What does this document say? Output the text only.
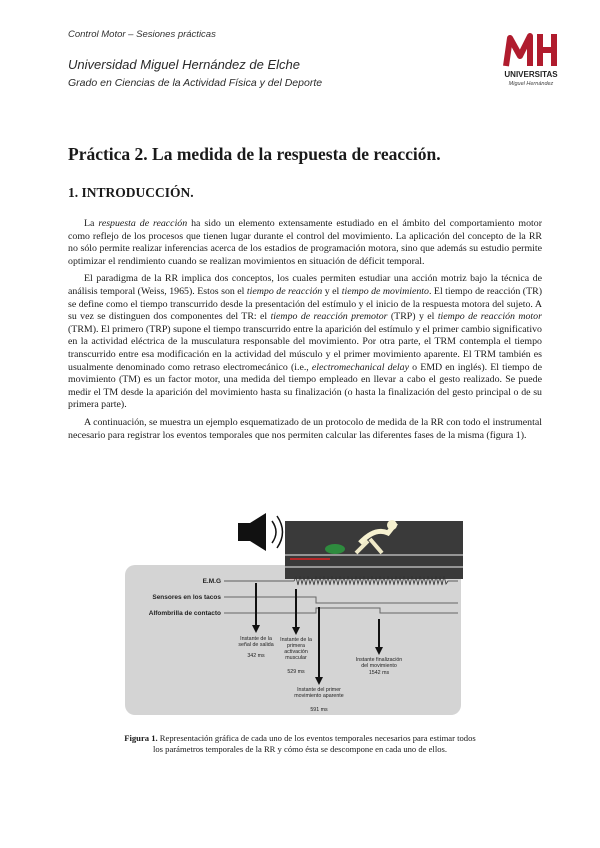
Control Motor – Sesiones prácticas
Universidad Miguel Hernández de Elche
Grado en Ciencias de la Actividad Física y del Deporte
UNIVERSITAS
Miguel Hernández
Práctica 2. La medida de la respuesta de reacción.
1. INTRODUCCIÓN.

La respuesta de reacción ha sido un elemento extensamente estudiado en el ámbito del comportamiento motor como reflejo de los procesos que tienen lugar durante el control del movimiento. La aplicación del concepto de la RR no sólo permite realizar inferencias acerca de los estadios de programación motora, sino que además su estudio permite optimizar el rendimiento cuando se realizan movimientos en situación de déficit temporal.

El paradigma de la RR implica dos conceptos, los cuales permiten estudiar una acción motriz bajo la técnica de análisis temporal (Weiss, 1965). Estos son el tiempo de reacción y el tiempo de movimiento. El tiempo de reacción (TR) se define como el tiempo transcurrido desde la presentación del estímulo y el inicio de la respuesta motora del sujeto. A su vez se distinguen dos componentes del TR: el tiempo de reacción premotor (TRP) y el tiempo de reacción motor (TRM). El primero (TRP) supone el tiempo transcurrido entre la aparición del estímulo y el primer cambio significativo en la actividad eléctrica de la musculatura responsable del movimiento. Por otra parte, el TRM contempla el tiempo transcurrido entre esa modificación en la actividad del músculo y el primer movimiento aparente. El TRM también es usualmente denominado como retraso electromecánico (i.e., electromechanical delay o EMD en inglés). El tiempo de movimiento (TM) es un factor motor, una medida del tiempo empleado en llevar a cabo el gesto realizado. Se puede medir el TM desde la aparición del movimiento hasta su finalización (o hasta la finalización del gesto principal o de su primera parte).

A continuación, se muestra un ejemplo esquematizado de un protocolo de medida de la RR con todo el instrumental necesario para registrar los eventos temporales que nos permiten calcular las diferentes fases de la misma (figura 1).

E.M.G
Sensores en los tacos
Alfombrilla de contacto
Instante de la
señal de salida
342 ms
Instante de la
primera
activación
muscular
529 ms
Instante del primer
movimiento aparente
591 ms
Instante finalización
del movimiento
1542 ms
Figura 1. Representación gráfica de cada uno de los eventos temporales necesarios para estimar todos los parámetros temporales de la RR y cómo ésta se descompone en cada uno de ellos.
